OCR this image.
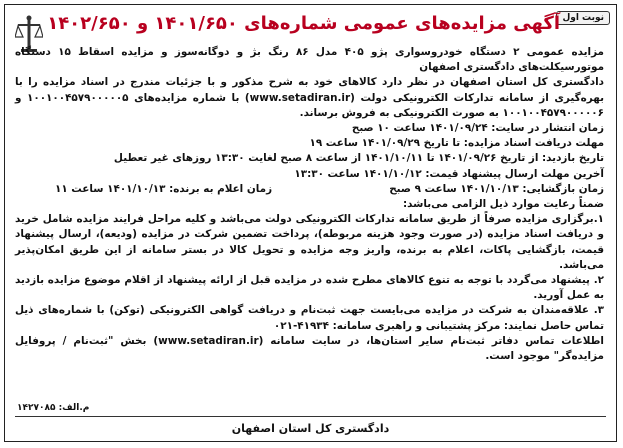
نوبت اول
آگهی مزایده‌های عمومی شماره‌های ۱۴۰۱/۶۵۰ و ۱۴۰۲/۶۵۰

مزایده عمومی ۲ دستگاه خودروسواری پژو ۴۰۵ مدل ۸۶ رنگ بژ و دوگانه‌سوز و مزایده اسقاط ۱۵ دستگاه موتورسیکلت‌های دادگستری اصفهان

دادگستری کل استان اصفهان در نظر دارد کالاهای خود به شرح مذکور و با جزئیات مندرج در اسناد مزایده را با بهره‌گیری از سامانه تدارکات الکترونیکی دولت (www.setadiran.ir) با شماره مزایده‌های ۱۰۰۱۰۰۴۵۷۹۰۰۰۰۰۵ و ۱۰۰۱۰۰۴۵۷۹۰۰۰۰۰۶ به صورت الکترونیکی به فروش برساند.

زمان انتشار در سایت: ۱۴۰۱/۰۹/۲۴ ساعت ۱۰ صبح

مهلت دریافت اسناد مزایده: تا تاریخ ۱۴۰۱/۰۹/۲۹ ساعت ۱۹

تاریخ بازدید: از تاریخ ۱۴۰۱/۰۹/۲۶ تا ۱۴۰۱/۱۰/۱۱ از ساعت ۸ صبح لغایت ۱۳:۳۰ روزهای غیر تعطیل

آخرین مهلت ارسال پیشنهاد قیمت: ۱۴۰۱/۱۰/۱۲ ساعت ۱۳:۳۰

زمان بازگشایی: ۱۴۰۱/۱۰/۱۳ ساعت ۹ صبح
زمان اعلام به برنده: ۱۴۰۱/۱۰/۱۳ ساعت ۱۱

ضمناً رعایت موارد ذیل الزامی می‌باشد:

۱.برگزاری مزایده صرفاً از طریق سامانه تدارکات الکترونیکی دولت می‌باشد و کلیه مراحل فرایند مزایده شامل خرید و دریافت اسناد مزایده (در صورت وجود هزینه مربوطه)، پرداخت تضمین شرکت در مزایده (ودیعه)، ارسال پیشنهاد قیمت، بازگشایی پاکات، اعلام به برنده، واریز وجه مزایده و تحویل کالا در بستر سامانه از این طریق امکان‌پذیر می‌باشد.

۲. پیشنهاد می‌گردد با توجه به تنوع کالاهای مطرح شده در مزایده قبل از ارائه پیشنهاد از اقلام موضوع مزایده بازدید به عمل آورید.

۳. علاقه‌مندان به شرکت در مزایده می‌بایست جهت ثبت‌نام و دریافت گواهی الکترونیکی (توکن) با شماره‌های ذیل تماس حاصل نمایند: مرکز پشتیبانی و راهبری سامانه: ۴۱۹۳۴-۰۲۱

اطلاعات تماس دفاتر ثبت‌نام سایر استان‌ها، در سایت سامانه (www.setadiran.ir) بخش "ثبت‌نام / پروفایل مزایده‌گر" موجود است.

م.الف: ۱۴۲۷۰۸۵
دادگستری کل استان اصفهان
